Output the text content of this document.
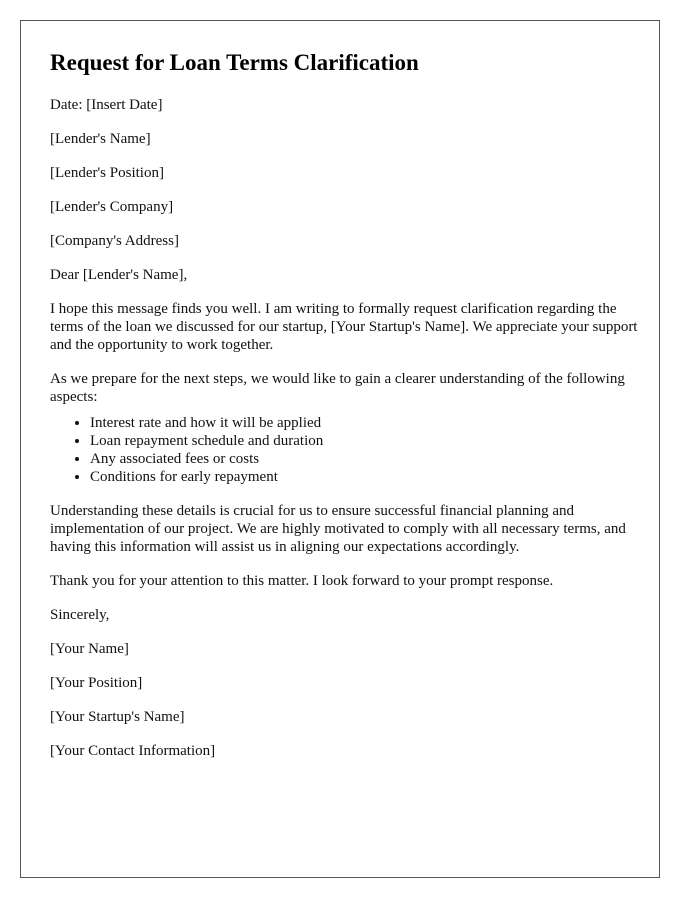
Request for Loan Terms Clarification

Date: [Insert Date]

[Lender's Name]

[Lender's Position]

[Lender's Company]

[Company's Address]

Dear [Lender's Name],

I hope this message finds you well. I am writing to formally request clarification regarding the terms of the loan we discussed for our startup, [Your Startup's Name]. We appreciate your support and the opportunity to work together.

As we prepare for the next steps, we would like to gain a clearer understanding of the following aspects:

• Interest rate and how it will be applied
• Loan repayment schedule and duration
• Any associated fees or costs
• Conditions for early repayment

Understanding these details is crucial for us to ensure successful financial planning and implementation of our project. We are highly motivated to comply with all necessary terms, and having this information will assist us in aligning our expectations accordingly.

Thank you for your attention to this matter. I look forward to your prompt response.

Sincerely,

[Your Name]

[Your Position]

[Your Startup's Name]

[Your Contact Information]
